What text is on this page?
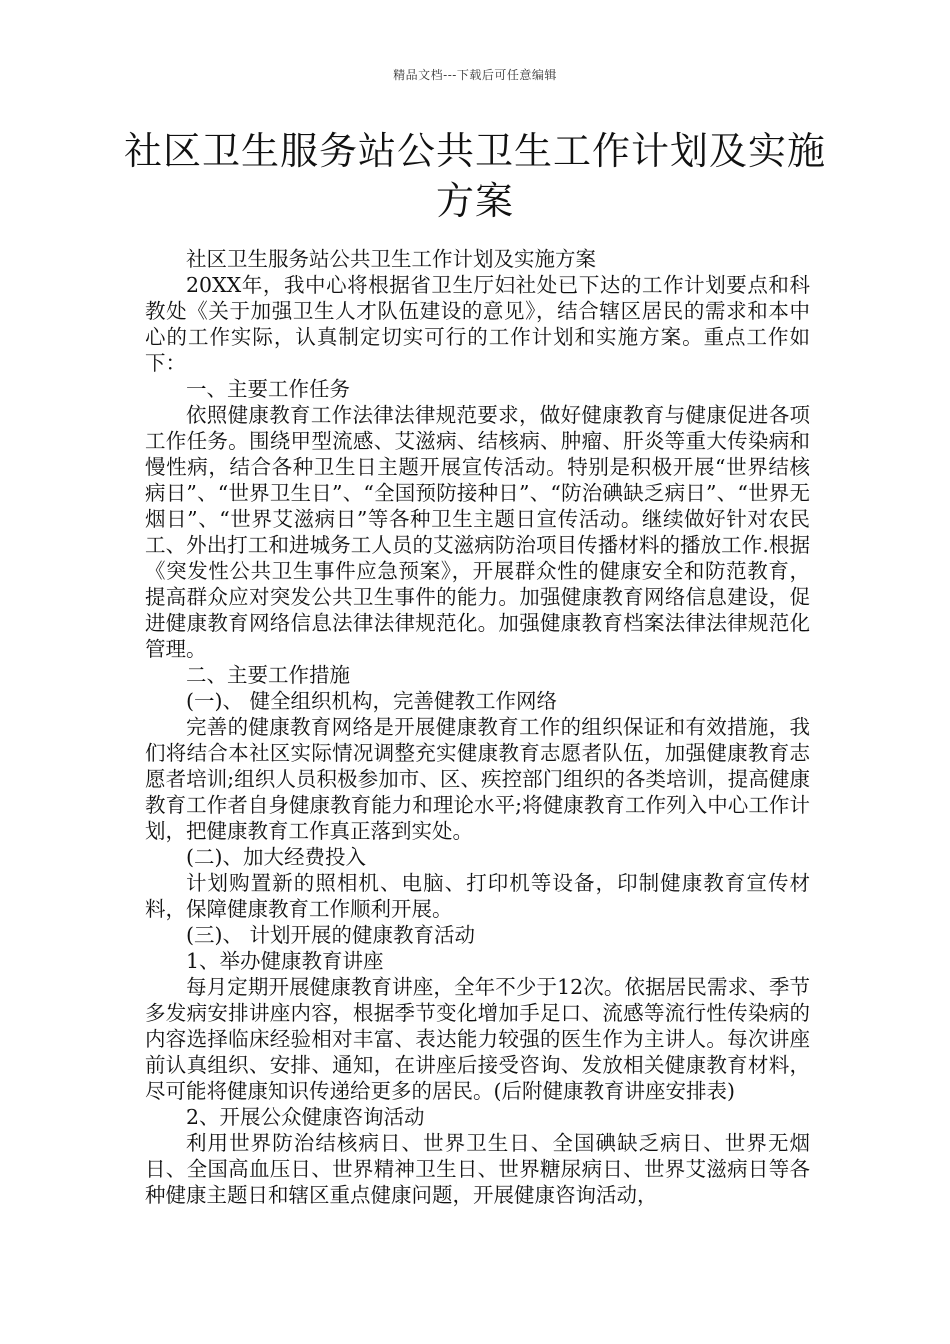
精品文档---下载后可任意编辑
社区卫生服务站公共卫生工作计划及实施方案

社区卫生服务站公共卫生工作计划及实施方案

20XX年，我中心将根据省卫生厅妇社处已下达的工作计划要点和科教处《关于加强卫生人才队伍建设的意见》，结合辖区居民的需求和本中心的工作实际，认真制定切实可行的工作计划和实施方案。重点工作如下：

一、主要工作任务

依照健康教育工作法律法律规范要求，做好健康教育与健康促进各项工作任务。围绕甲型流感、艾滋病、结核病、肿瘤、肝炎等重大传染病和慢性病，结合各种卫生日主题开展宣传活动。特别是积极开展“世界结核病日”、“世界卫生日”、“全国预防接种日”、“防治碘缺乏病日”、“世界无烟日”、“世界艾滋病日”等各种卫生主题日宣传活动。继续做好针对农民工、外出打工和进城务工人员的艾滋病防治项目传播材料的播放工作.根据《突发性公共卫生事件应急预案》，开展群众性的健康安全和防范教育，提高群众应对突发公共卫生事件的能力。加强健康教育网络信息建设，促进健康教育网络信息法律法律规范化。加强健康教育档案法律法律规范化管理。

二、主要工作措施

(一)、 健全组织机构，完善健教工作网络

完善的健康教育网络是开展健康教育工作的组织保证和有效措施，我们将结合本社区实际情况调整充实健康教育志愿者队伍，加强健康教育志愿者培训;组织人员积极参加市、区、疾控部门组织的各类培训，提高健康教育工作者自身健康教育能力和理论水平;将健康教育工作列入中心工作计划，把健康教育工作真正落到实处。

(二)、加大经费投入

计划购置新的照相机、电脑、打印机等设备，印制健康教育宣传材料，保障健康教育工作顺利开展。

(三)、 计划开展的健康教育活动

1、举办健康教育讲座

每月定期开展健康教育讲座，全年不少于12次。依据居民需求、季节多发病安排讲座内容，根据季节变化增加手足口、流感等流行性传染病的内容选择临床经验相对丰富、表达能力较强的医生作为主讲人。每次讲座前认真组织、安排、通知，在讲座后接受咨询、发放相关健康教育材料，尽可能将健康知识传递给更多的居民。(后附健康教育讲座安排表)

2、开展公众健康咨询活动

利用世界防治结核病日、世界卫生日、全国碘缺乏病日、世界无烟日、全国高血压日、世界精神卫生日、世界糖尿病日、世界艾滋病日等各种健康主题日和辖区重点健康问题，开展健康咨询活动，
